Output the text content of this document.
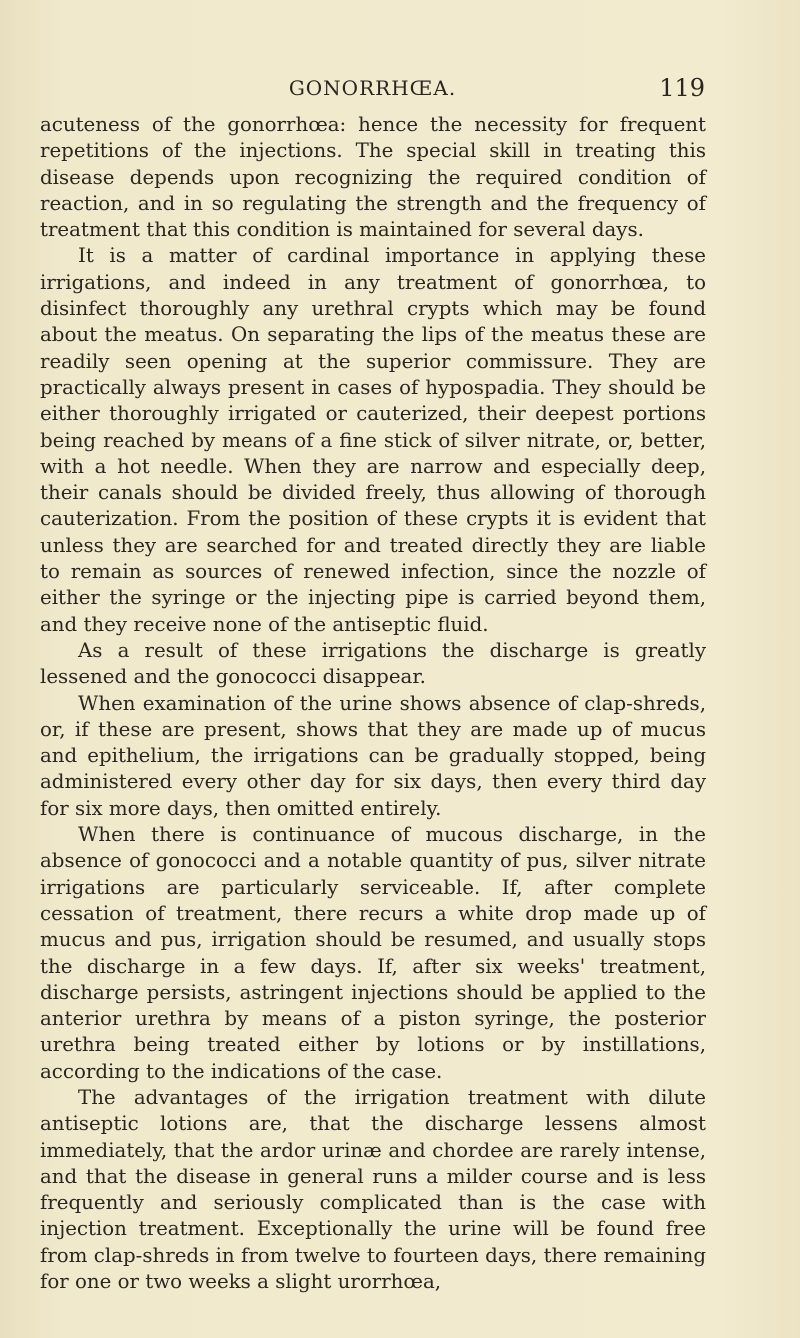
GONORRHŒA.	119

acuteness of the gonorrhœa: hence the necessity for frequent repetitions of the injections. The special skill in treating this disease depends upon recognizing the required condition of reaction, and in so regulating the strength and the frequency of treatment that this condition is maintained for several days.

It is a matter of cardinal importance in applying these irrigations, and indeed in any treatment of gonorrhœa, to disinfect thoroughly any urethral crypts which may be found about the meatus. On separating the lips of the meatus these are readily seen opening at the superior commissure. They are practically always present in cases of hypospadia. They should be either thoroughly irrigated or cauterized, their deepest portions being reached by means of a fine stick of silver nitrate, or, better, with a hot needle. When they are narrow and especially deep, their canals should be divided freely, thus allowing of thorough cauterization. From the position of these crypts it is evident that unless they are searched for and treated directly they are liable to remain as sources of renewed infection, since the nozzle of either the syringe or the injecting pipe is carried beyond them, and they receive none of the antiseptic fluid.

As a result of these irrigations the discharge is greatly lessened and the gonococci disappear.

When examination of the urine shows absence of clap-shreds, or, if these are present, shows that they are made up of mucus and epithelium, the irrigations can be gradually stopped, being administered every other day for six days, then every third day for six more days, then omitted entirely.

When there is continuance of mucous discharge, in the absence of gonococci and a notable quantity of pus, silver nitrate irrigations are particularly serviceable. If, after complete cessation of treatment, there recurs a white drop made up of mucus and pus, irrigation should be resumed, and usually stops the discharge in a few days. If, after six weeks' treatment, discharge persists, astringent injections should be applied to the anterior urethra by means of a piston syringe, the posterior urethra being treated either by lotions or by instillations, according to the indications of the case.

The advantages of the irrigation treatment with dilute antiseptic lotions are, that the discharge lessens almost immediately, that the ardor urinæ and chordee are rarely intense, and that the disease in general runs a milder course and is less frequently and seriously complicated than is the case with injection treatment. Exceptionally the urine will be found free from clap-shreds in from twelve to fourteen days, there remaining for one or two weeks a slight urorrhœa,
